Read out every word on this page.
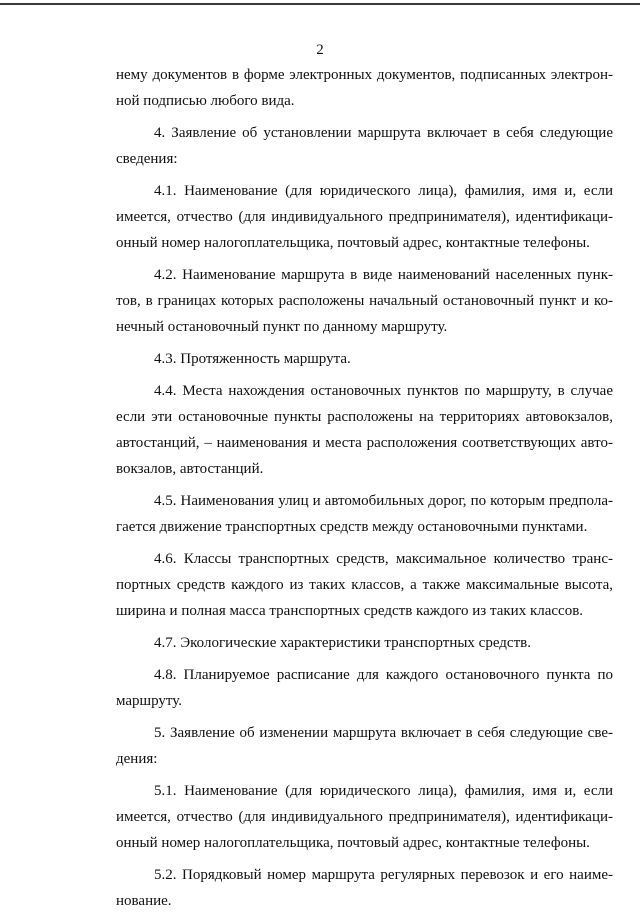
2

нему документов в форме электронных документов, подписанных электронной подписью любого вида.

4. Заявление об установлении маршрута включает в себя следующие сведения:

4.1. Наименование (для юридического лица), фамилия, имя и, если имеется, отчество (для индивидуального предпринимателя), идентификационный номер налогоплательщика, почтовый адрес, контактные телефоны.

4.2. Наименование маршрута в виде наименований населенных пунктов, в границах которых расположены начальный остановочный пункт и конечный остановочный пункт по данному маршруту.

4.3. Протяженность маршрута.

4.4. Места нахождения остановочных пунктов по маршруту, в случае если эти остановочные пункты расположены на территориях автовокзалов, автостанций, – наименования и места расположения соответствующих автовокзалов, автостанций.

4.5. Наименования улиц и автомобильных дорог, по которым предполагается движение транспортных средств между остановочными пунктами.

4.6. Классы транспортных средств, максимальное количество транспортных средств каждого из таких классов, а также максимальные высота, ширина и полная масса транспортных средств каждого из таких классов.

4.7. Экологические характеристики транспортных средств.

4.8. Планируемое расписание для каждого остановочного пункта по маршруту.

5. Заявление об изменении маршрута включает в себя следующие сведения:

5.1. Наименование (для юридического лица), фамилия, имя и, если имеется, отчество (для индивидуального предпринимателя), идентификационный номер налогоплательщика, почтовый адрес, контактные телефоны.

5.2. Порядковый номер маршрута регулярных перевозок и его наименование.
